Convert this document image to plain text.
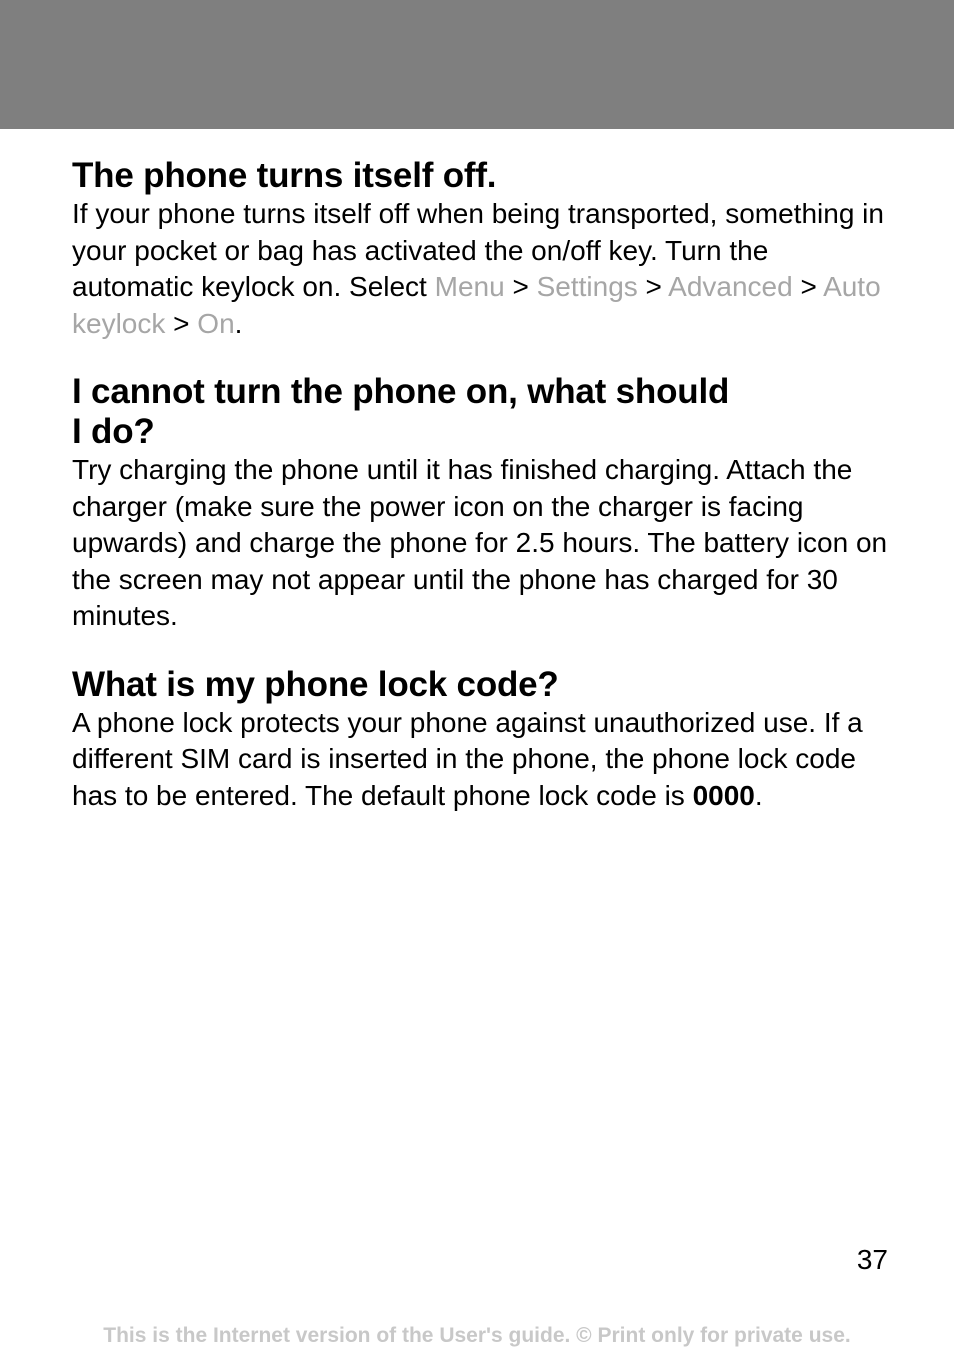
The phone turns itself off.

If your phone turns itself off when being transported, something in your pocket or bag has activated the on/off key. Turn the automatic keylock on. Select Menu > Settings > Advanced > Auto keylock > On.

I cannot turn the phone on, what should
I do?

Try charging the phone until it has finished charging. Attach the charger (make sure the power icon on the charger is facing upwards) and charge the phone for 2.5 hours. The battery icon on the screen may not appear until the phone has charged for 30 minutes.

What is my phone lock code?

A phone lock protects your phone against unauthorized use. If a different SIM card is inserted in the phone, the phone lock code has to be entered. The default phone lock code is 0000.

37
This is the Internet version of the User's guide. © Print only for private use.
